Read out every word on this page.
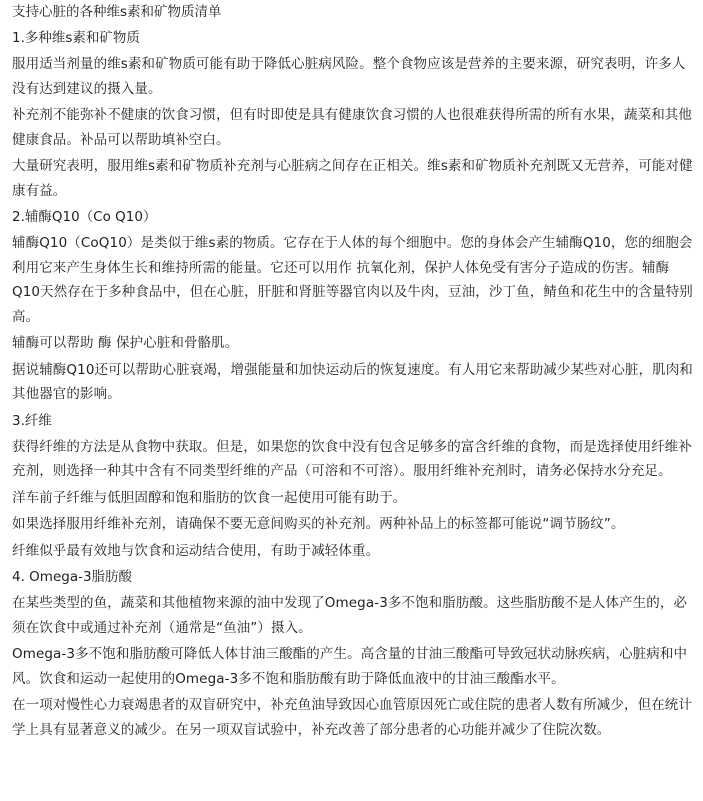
支持心脏的各种维s素和矿物质清单
1.多种维s素和矿物质

服用适当剂量的维s素和矿物质可能有助于降低心脏病风险。整个食物应该是营养的主要来源，研究表明，许多人没有达到建议的摄入量。

补充剂不能弥补不健康的饮食习惯，但有时即使是具有健康饮食习惯的人也很难获得所需的所有水果，蔬菜和其他健康食品。补品可以帮助填补空白。

大量研究表明，服用维s素和矿物质补充剂与心脏病之间存在正相关。维s素和矿物质补充剂既又无营养，可能对健康有益。

2.辅酶Q10（Co Q10）

辅酶Q10（CoQ10）是类似于维s素的物质。它存在于人体的每个细胞中。您的身体会产生辅酶Q10，您的细胞会利用它来产生身体生长和维持所需的能量。它还可以用作 抗氧化剂，保护人体免受有害分子造成的伤害。辅酶Q10天然存在于多种食品中，但在心脏，肝脏和肾脏等器官肉以及牛肉，豆油，沙丁鱼，鲭鱼和花生中的含量特别高。

辅酶可以帮助 酶 保护心脏和骨骼肌。

据说辅酶Q10还可以帮助心脏衰竭，增强能量和加快运动后的恢复速度。有人用它来帮助减少某些对心脏，肌肉和其他器官的影响。

3.纤维

获得纤维的方法是从食物中获取。但是，如果您的饮食中没有包含足够多的富含纤维的食物，而是选择使用纤维补充剂，则选择一种其中含有不同类型纤维的产品（可溶和不可溶）。服用纤维补充剂时，请务必保持水分充足。

洋车前子纤维与低胆固醇和饱和脂肪的饮食一起使用可能有助于。

如果选择服用纤维补充剂，请确保不要无意间购买的补充剂。两种补品上的标签都可能说“调节肠纹”。

纤维似乎最有效地与饮食和运动结合使用，有助于减轻体重。

4. Omega-3脂肪酸

在某些类型的鱼，蔬菜和其他植物来源的油中发现了Omega-3多不饱和脂肪酸。这些脂肪酸不是人体产生的，必须在饮食中或通过补充剂（通常是“鱼油”）摄入。

Omega-3多不饱和脂肪酸可降低人体甘油三酸酯的产生。高含量的甘油三酸酯可导致冠状动脉疾病，心脏病和中风。饮食和运动一起使用的Omega-3多不饱和脂肪酸有助于降低血液中的甘油三酸酯水平。

在一项对慢性心力衰竭患者的双盲研究中，补充鱼油导致因心血管原因死亡或住院的患者人数有所减少，但在统计学上具有显著意义的减少。在另一项双盲试验中，补充改善了部分患者的心功能并减少了住院次数。
